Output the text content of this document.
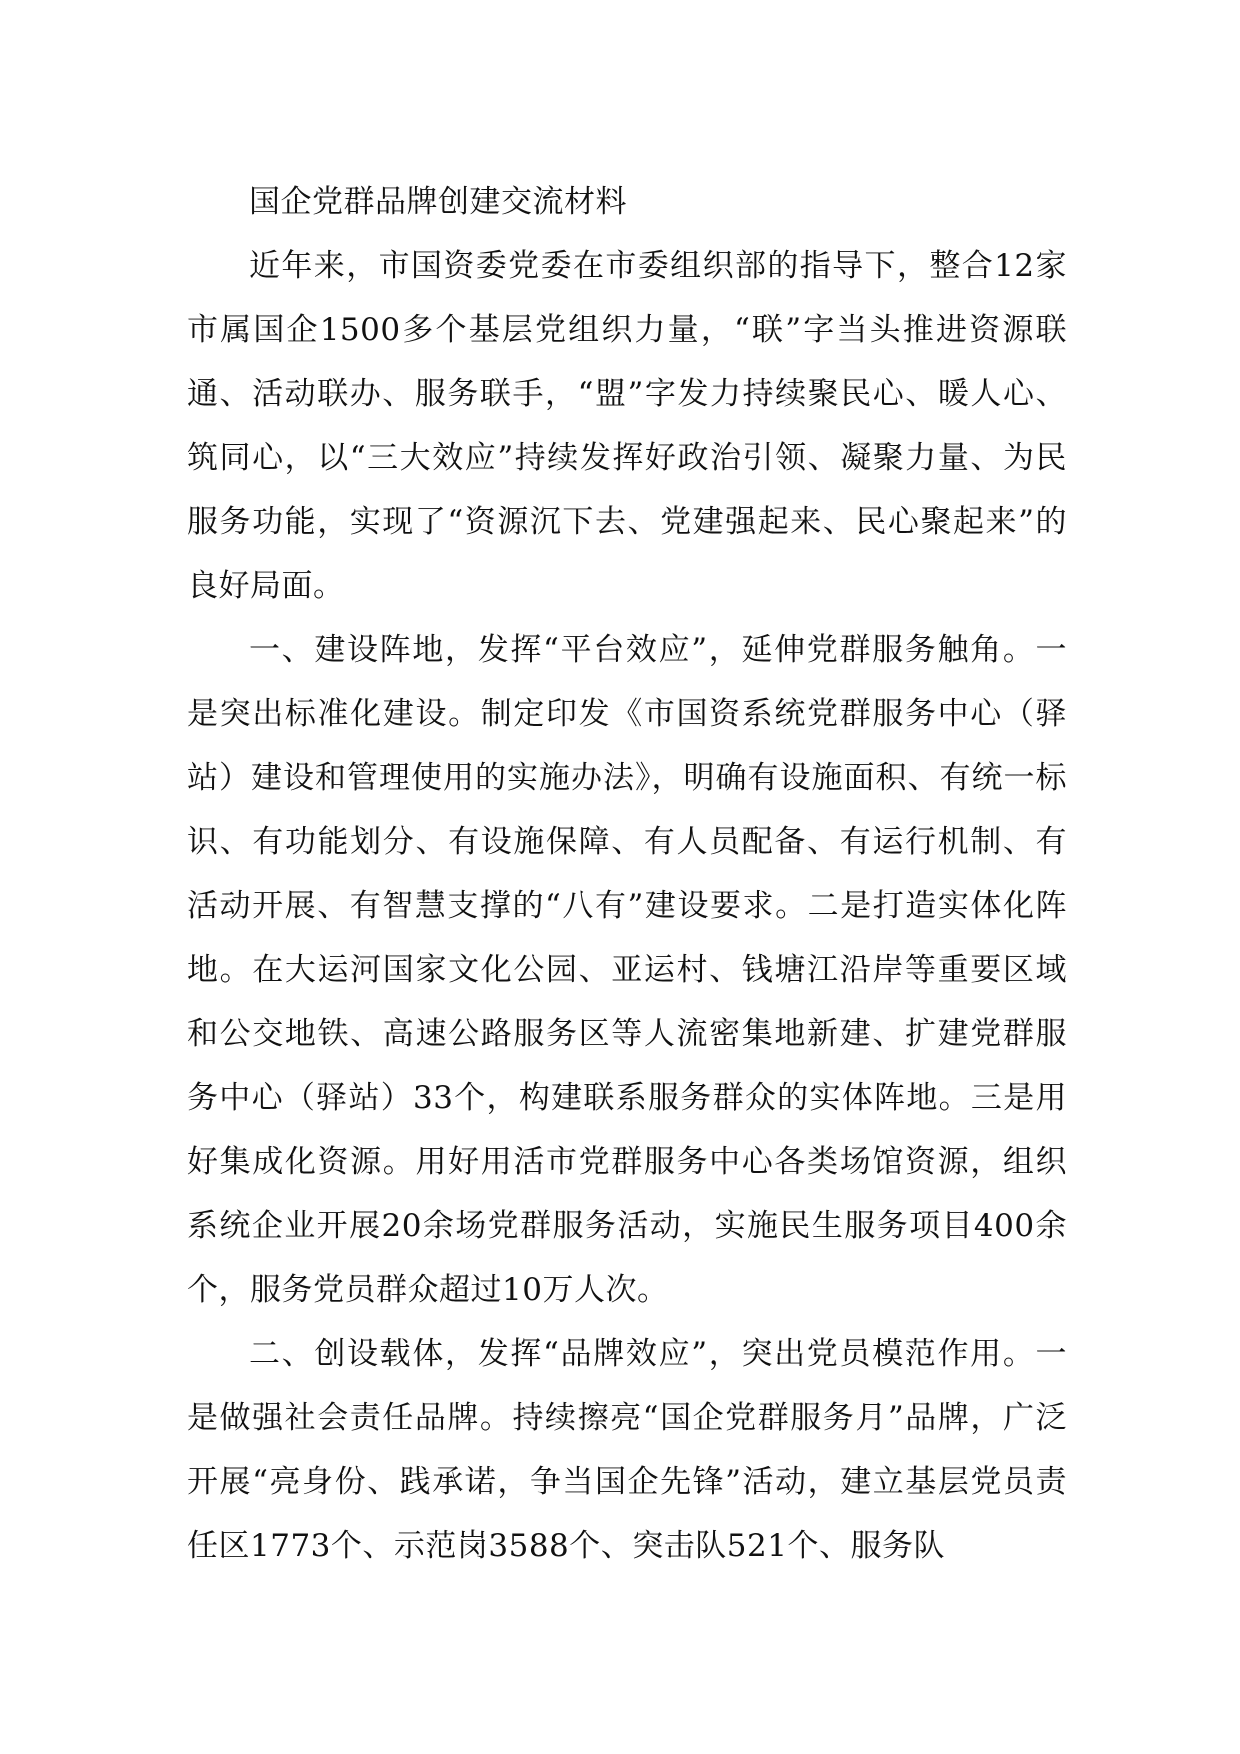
国企党群品牌创建交流材料

近年来，市国资委党委在市委组织部的指导下，整合12家市属国企1500多个基层党组织力量，“联”字当头推进资源联通、活动联办、服务联手，“盟”字发力持续聚民心、暖人心、筑同心，以“三大效应”持续发挥好政治引领、凝聚力量、为民服务功能，实现了“资源沉下去、党建强起来、民心聚起来”的良好局面。

一、建设阵地，发挥“平台效应”，延伸党群服务触角。一是突出标准化建设。制定印发《市国资系统党群服务中心（驿站）建设和管理使用的实施办法》，明确有设施面积、有统一标识、有功能划分、有设施保障、有人员配备、有运行机制、有活动开展、有智慧支撑的“八有”建设要求。二是打造实体化阵地。在大运河国家文化公园、亚运村、钱塘江沿岸等重要区域和公交地铁、高速公路服务区等人流密集地新建、扩建党群服务中心（驿站）33个，构建联系服务群众的实体阵地。三是用好集成化资源。用好用活市党群服务中心各类场馆资源，组织系统企业开展20余场党群服务活动，实施民生服务项目400余个，服务党员群众超过10万人次。

二、创设载体，发挥“品牌效应”，突出党员模范作用。一是做强社会责任品牌。持续擦亮“国企党群服务月”品牌，广泛开展“亮身份、践承诺，争当国企先锋”活动，建立基层党员责任区1773个、示范岗3588个、突击队521个、服务队
